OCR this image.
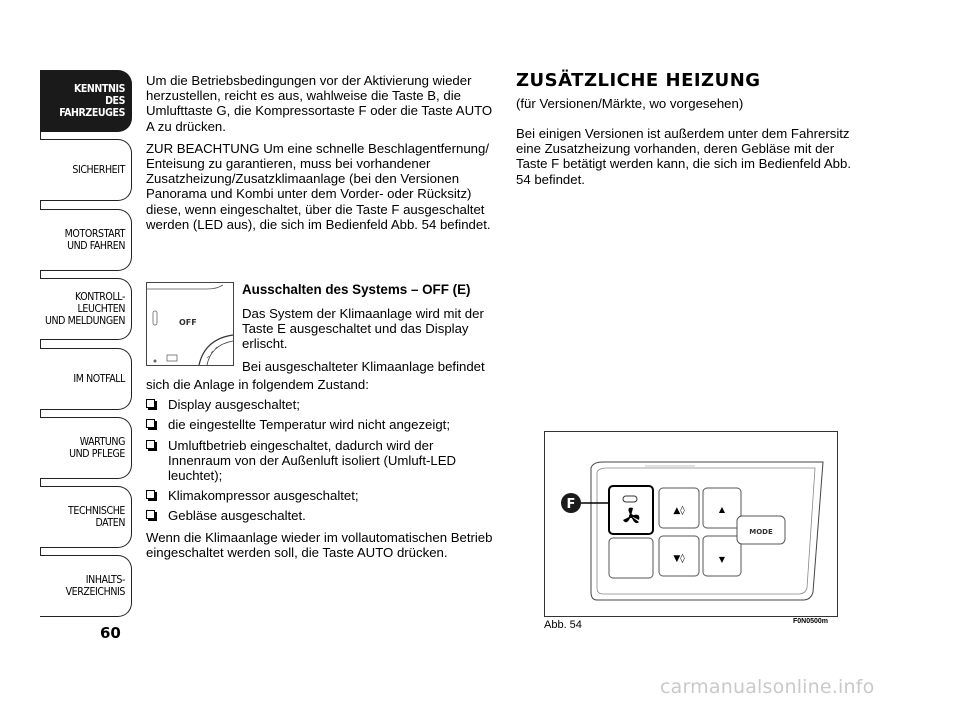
KENNTNIS
DES FAHRZEUGES
SICHERHEIT
MOTORSTART
UND FAHREN
KONTROLL-
LEUCHTEN
UND MELDUNGEN
IM NOTFALL
WARTUNG
UND PFLEGE
TECHNISCHE
DATEN
INHALTS-
VERZEICHNIS
60

Um die Betriebsbedingungen vor der Aktivierung wieder herzustellen, reicht es aus, wahlweise die Taste B, die Umlufttaste G, die Kompressortaste F oder die Taste AUTO A zu drücken.

ZUR BEACHTUNG Um eine schnelle Beschlagentfernung/ Enteisung zu garantieren, muss bei vorhandener Zusatzheizung/Zusatzklimaanlage (bei den Versionen Panorama und Kombi unter dem Vorder- oder Rücksitz) diese, wenn eingeschaltet, über die Taste F ausgeschaltet werden (LED aus), die sich im Bedienfeld Abb. 54 befindet.

OFF
Ausschalten des Systems – OFF (E)

Das System der Klimaanlage wird mit der Taste E ausgeschaltet und das Display erlischt.

Bei ausgeschalteter Klimaanlage befindet

sich die Anlage in folgendem Zustand:

Display ausgeschaltet;
die eingestellte Temperatur wird nicht angezeigt;
Umluftbetrieb eingeschaltet, dadurch wird der Innenraum von der Außenluft isoliert (Umluft-LED leuchtet);
Klimakompressor ausgeschaltet;
Gebläse ausgeschaltet.

Wenn die Klimaanlage wieder im vollautomatischen Betrieb eingeschaltet werden soll, die Taste AUTO drücken.

ZUSÄTZLICHE HEIZUNG
(für Versionen/Märkte, wo vorgesehen)
Bei einigen Versionen ist außerdem unter dem Fahrersitz eine Zusatzheizung vorhanden, deren Gebläse mit der Taste F betätigt werden kann, die sich im Bedienfeld Abb. 54 befindet.
▲◊
▼◊
▲
▼
MODE
F
Abb. 54	F0N0500m
carmanualsonline.info
